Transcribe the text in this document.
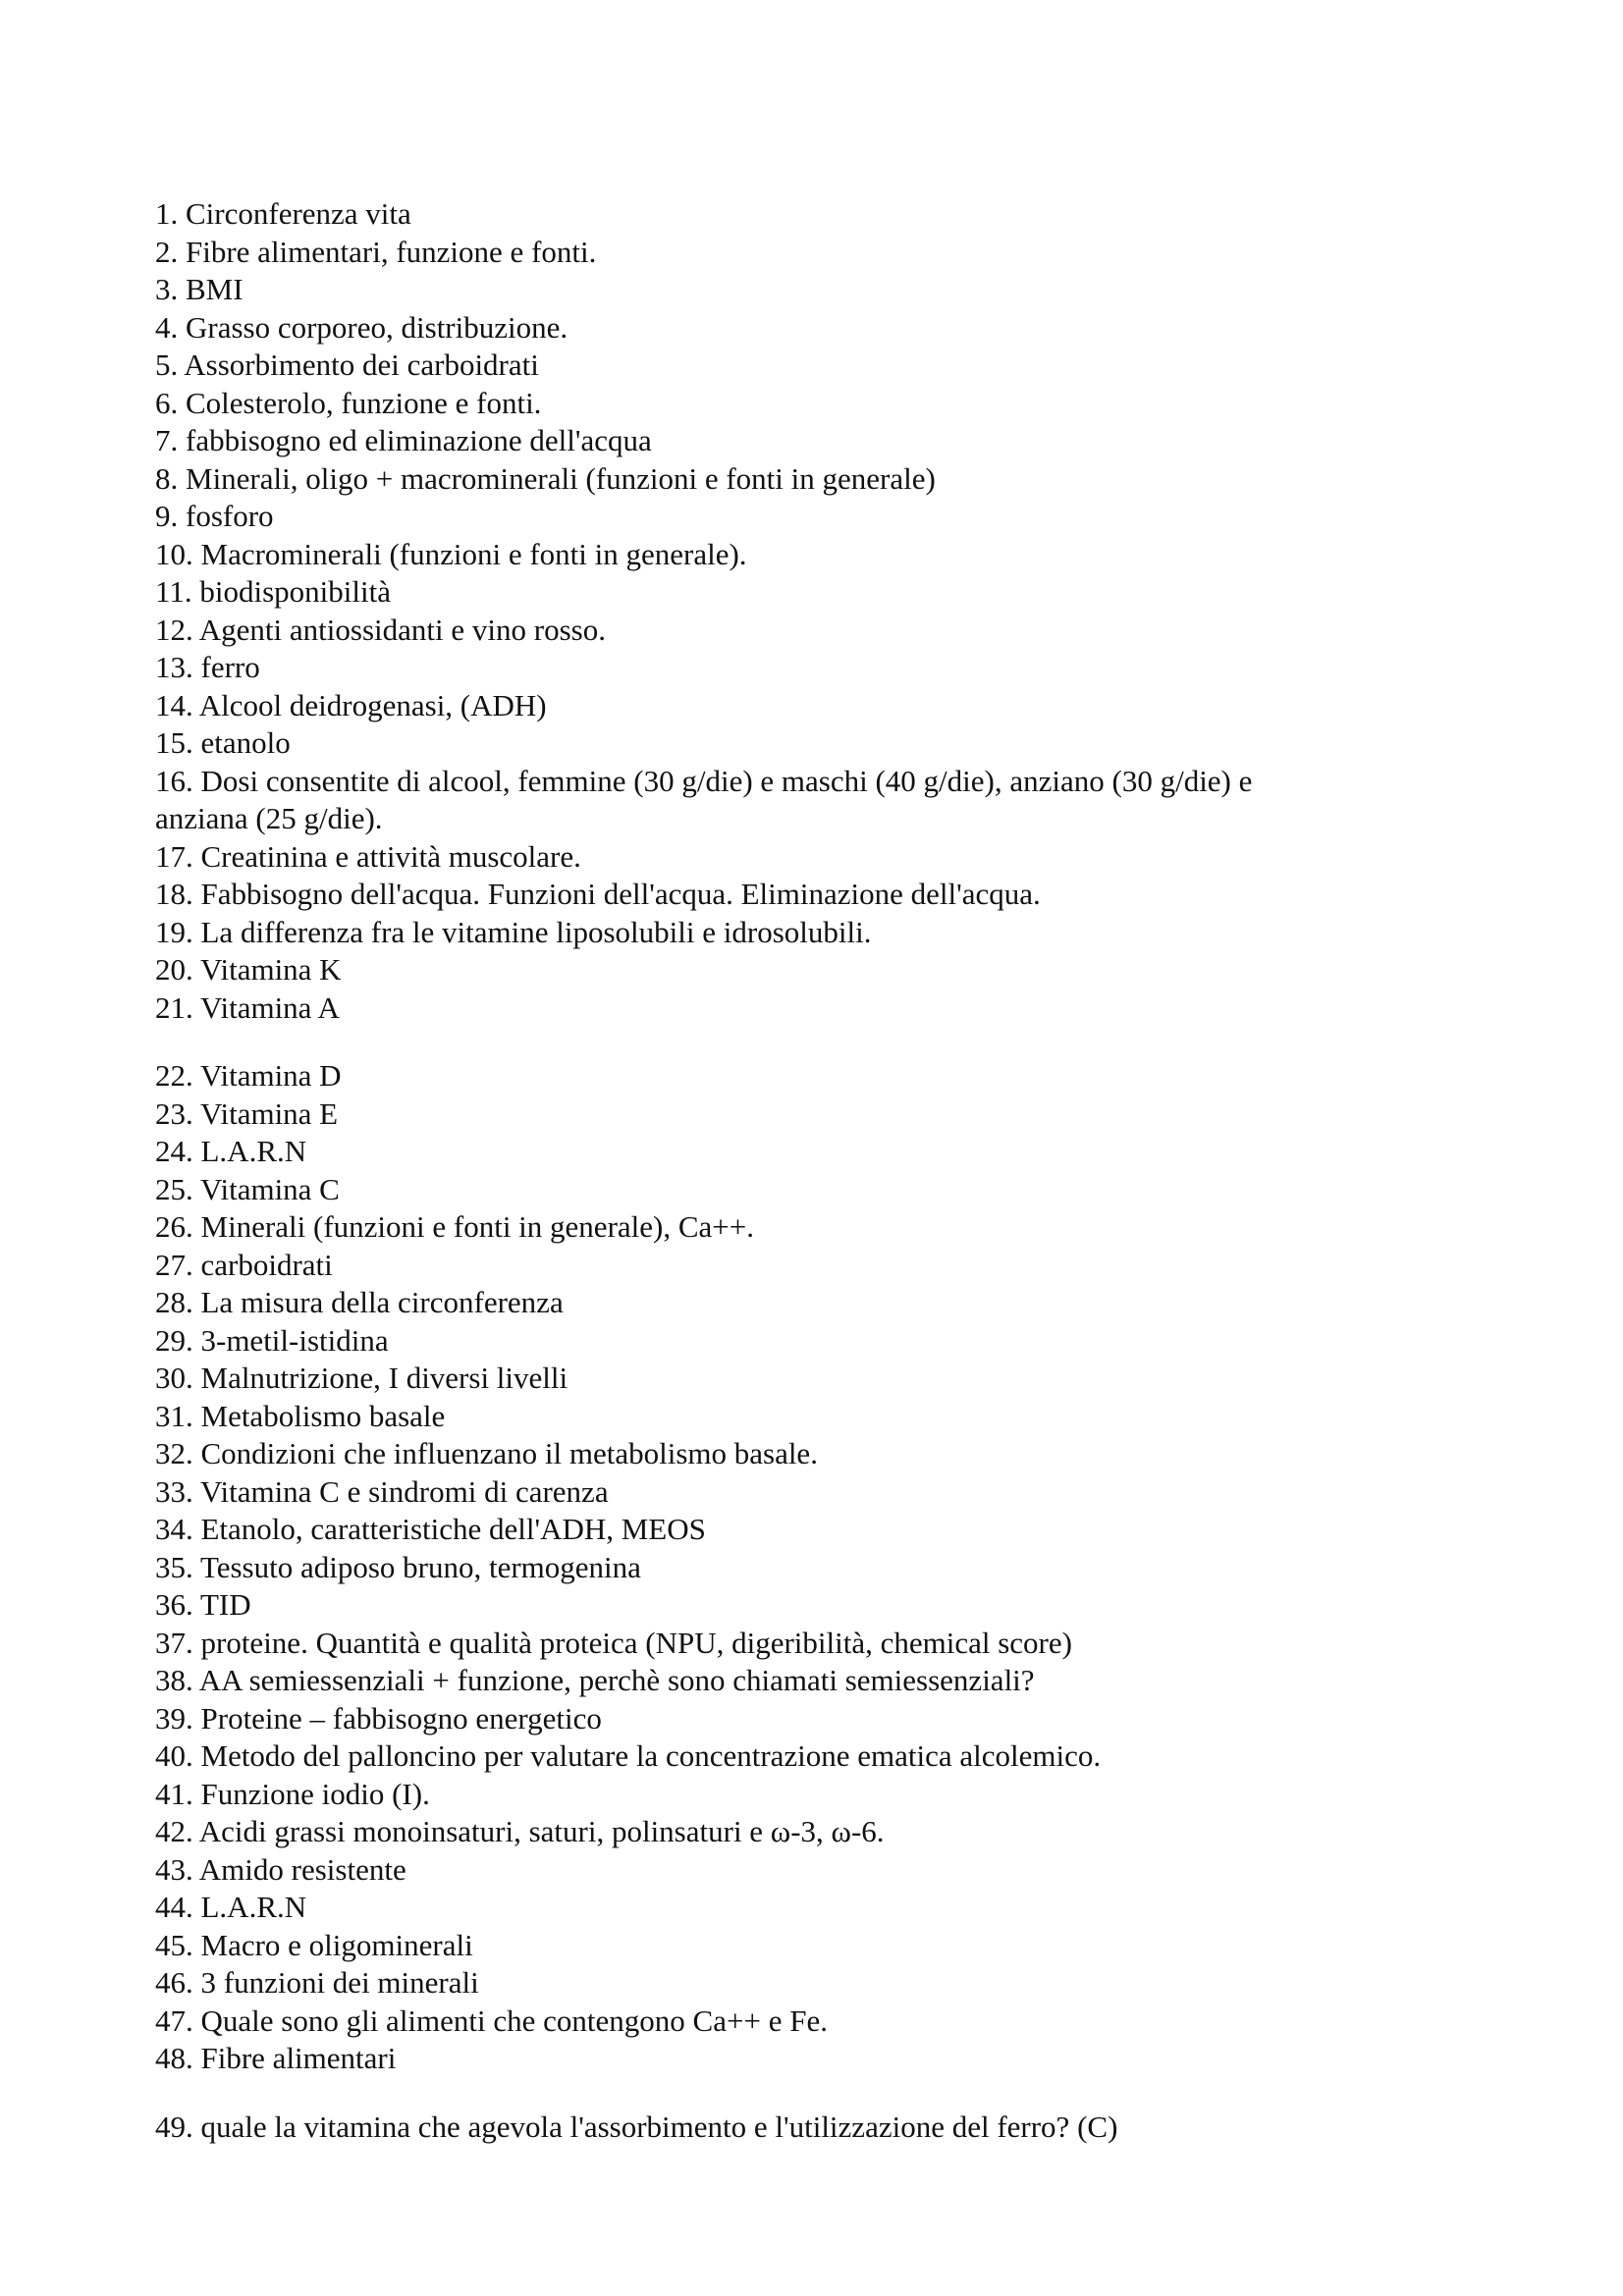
1. Circonferenza vita
2. Fibre alimentari, funzione e fonti.
3. BMI
4. Grasso corporeo, distribuzione.
5. Assorbimento dei carboidrati
6. Colesterolo, funzione e fonti.
7. fabbisogno ed eliminazione dell'acqua
8. Minerali, oligo + macrominerali (funzioni e fonti in generale)
9. fosforo
10. Macrominerali (funzioni e fonti in generale).
11. biodisponibilità
12. Agenti antiossidanti e vino rosso.
13. ferro
14. Alcool deidrogenasi, (ADH)
15. etanolo
16. Dosi consentite di alcool, femmine (30 g/die) e maschi (40 g/die), anziano (30 g/die) e anziana (25 g/die).
17. Creatinina e attività muscolare.
18. Fabbisogno dell'acqua. Funzioni dell'acqua. Eliminazione dell'acqua.
19. La differenza fra le vitamine liposolubili e idrosolubili.
20. Vitamina K
21. Vitamina A
22. Vitamina D
23. Vitamina E
24. L.A.R.N
25. Vitamina C
26. Minerali (funzioni e fonti in generale), Ca++.
27. carboidrati
28. La misura della circonferenza
29. 3-metil-istidina
30. Malnutrizione, I diversi livelli
31. Metabolismo basale
32. Condizioni che influenzano il metabolismo basale.
33. Vitamina C e sindromi di carenza
34. Etanolo, caratteristiche dell'ADH, MEOS
35. Tessuto adiposo bruno, termogenina
36. TID
37. proteine. Quantità e qualità proteica (NPU, digeribilità, chemical score)
38. AA semiessenziali + funzione, perchè sono chiamati semiessenziali?
39. Proteine – fabbisogno energetico
40. Metodo del palloncino per valutare la concentrazione ematica alcolemico.
41. Funzione iodio (I).
42. Acidi grassi monoinsaturi, saturi, polinsaturi e ω-3, ω-6.
43. Amido resistente
44. L.A.R.N
45. Macro e oligominerali
46. 3 funzioni dei minerali
47. Quale sono gli alimenti che contengono Ca++ e Fe.
48. Fibre alimentari
49. quale la vitamina che agevola l'assorbimento e l'utilizzazione del ferro? (C)
